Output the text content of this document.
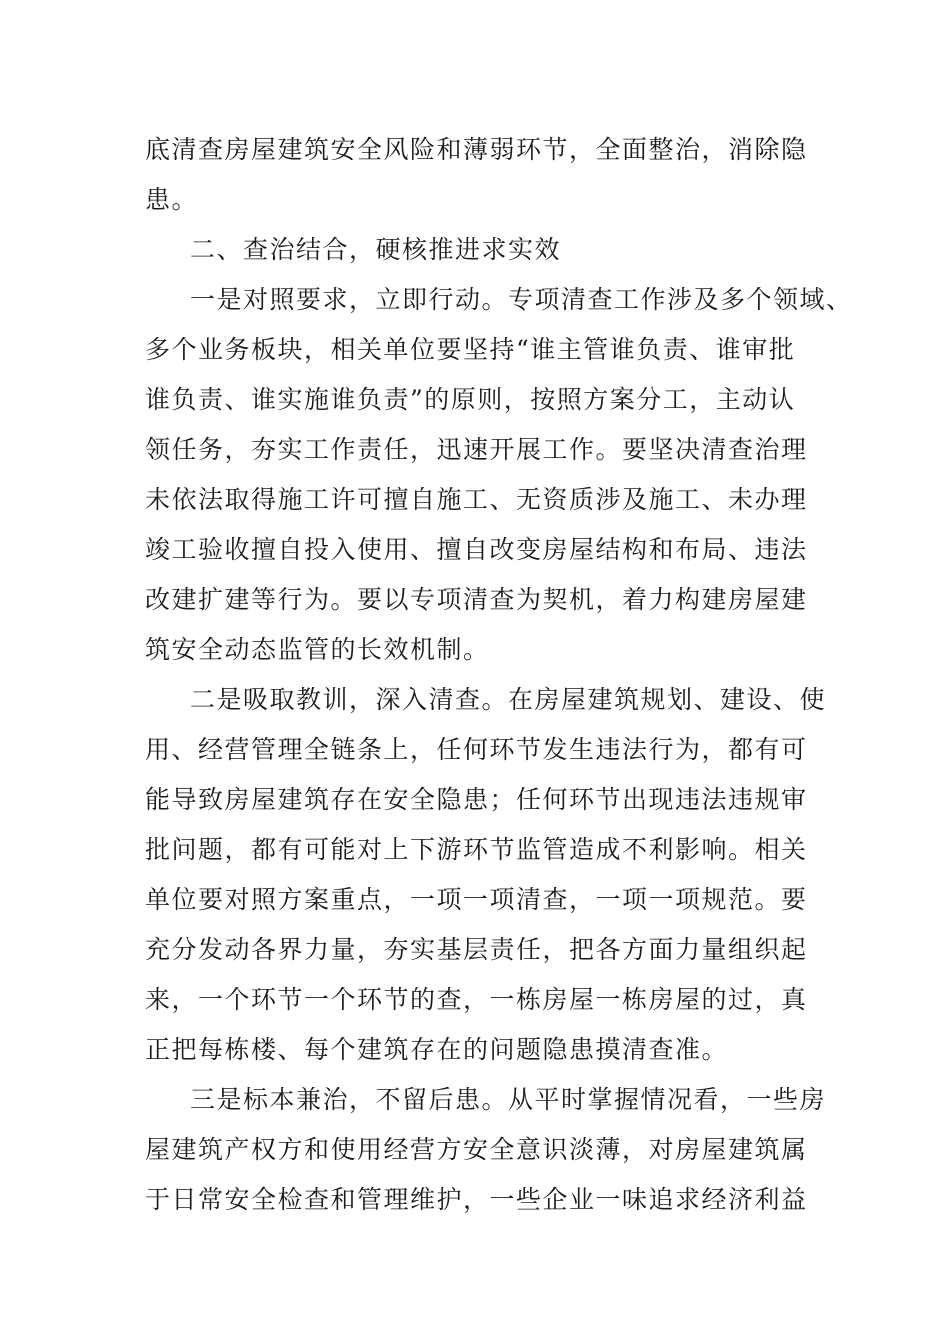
底清查房屋建筑安全风险和薄弱环节，全面整治，消除隐
患。
二、查治结合，硬核推进求实效
一是对照要求，立即行动。专项清查工作涉及多个领域、
多个业务板块，相关单位要坚持“谁主管谁负责、谁审批
谁负责、谁实施谁负责”的原则，按照方案分工，主动认
领任务，夯实工作责任，迅速开展工作。要坚决清查治理
未依法取得施工许可擅自施工、无资质涉及施工、未办理
竣工验收擅自投入使用、擅自改变房屋结构和布局、违法
改建扩建等行为。要以专项清查为契机，着力构建房屋建
筑安全动态监管的长效机制。
二是吸取教训，深入清查。在房屋建筑规划、建设、使
用、经营管理全链条上，任何环节发生违法行为，都有可
能导致房屋建筑存在安全隐患；任何环节出现违法违规审
批问题，都有可能对上下游环节监管造成不利影响。相关
单位要对照方案重点，一项一项清查，一项一项规范。要
充分发动各界力量，夯实基层责任，把各方面力量组织起
来，一个环节一个环节的查，一栋房屋一栋房屋的过，真
正把每栋楼、每个建筑存在的问题隐患摸清查准。
三是标本兼治，不留后患。从平时掌握情况看，一些房
屋建筑产权方和使用经营方安全意识淡薄，对房屋建筑属
于日常安全检查和管理维护，一些企业一味追求经济利益
